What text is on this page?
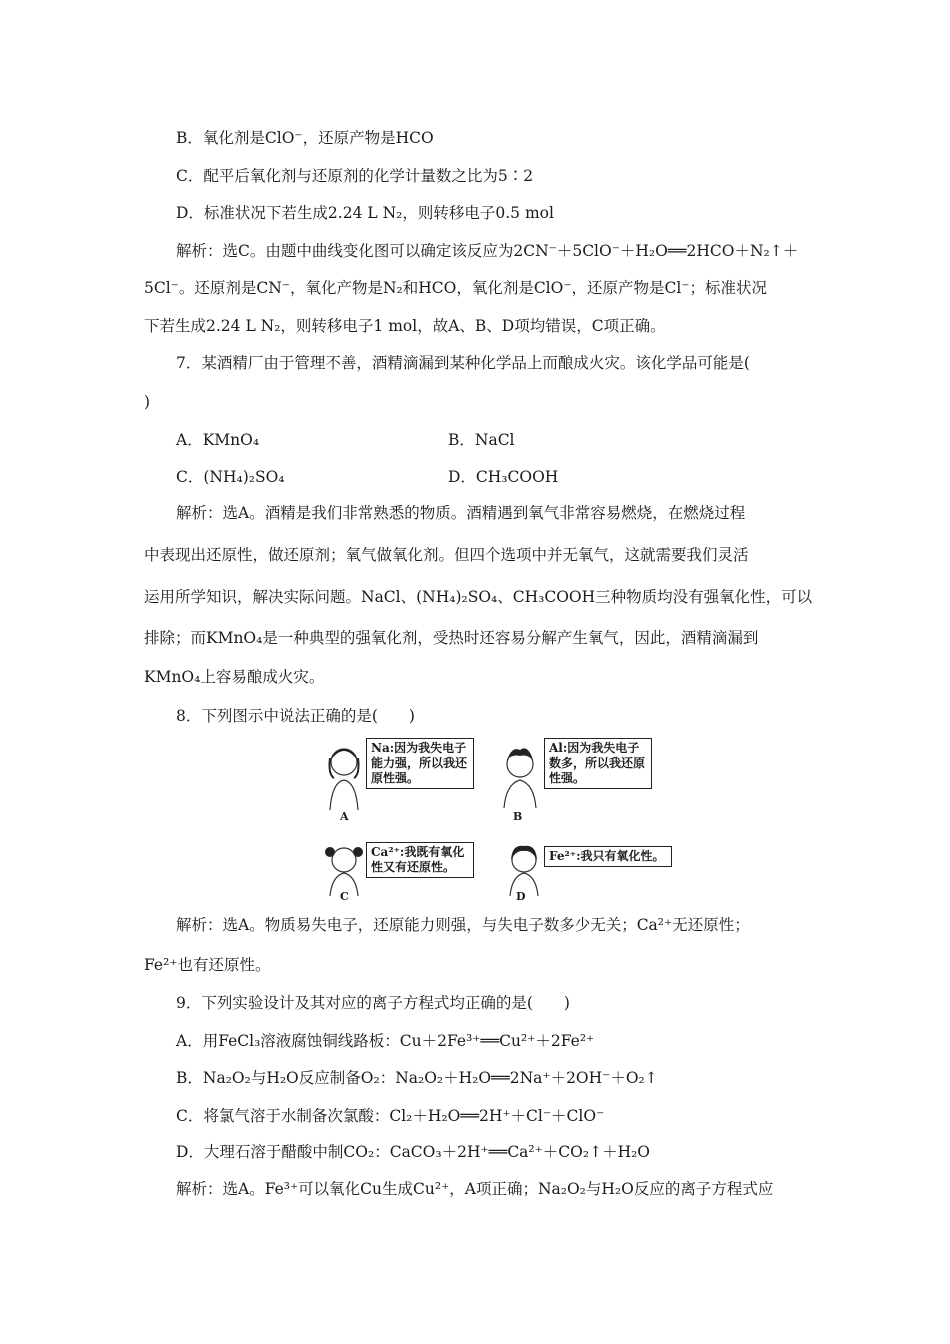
B．氧化剂是ClO⁻，还原产物是HCO
C．配平后氧化剂与还原剂的化学计量数之比为5∶2
D．标准状况下若生成2.24 L N₂，则转移电子0.5 mol
解析：选C。由题中曲线变化图可以确定该反应为2CN⁻＋5ClO⁻＋H₂O══2HCO＋N₂↑＋
5Cl⁻。还原剂是CN⁻，氧化产物是N₂和HCO，氧化剂是ClO⁻，还原产物是Cl⁻；标准状况
下若生成2.24 L N₂，则转移电子1 mol，故A、B、D项均错误，C项正确。
7．某酒精厂由于管理不善，酒精滴漏到某种化学品上而酿成火灾。该化学品可能是(
)
A．KMnO₄	B．NaCl
C．(NH₄)₂SO₄	D．CH₃COOH
解析：选A。酒精是我们非常熟悉的物质。酒精遇到氧气非常容易燃烧，在燃烧过程
中表现出还原性，做还原剂；氧气做氧化剂。但四个选项中并无氧气，这就需要我们灵活
运用所学知识，解决实际问题。NaCl、(NH₄)₂SO₄、CH₃COOH三种物质均没有强氧化性，可以
排除；而KMnO₄是一种典型的强氧化剂，受热时还容易分解产生氧气，因此，酒精滴漏到
KMnO₄上容易酿成火灾。
8．下列图示中说法正确的是(　　)
Na:因为我失电子能力强，所以我还原性强。
A
Al:因为我失电子数多，所以我还原性强。
B
Ca²⁺:我既有氧化性又有还原性。
C
Fe²⁺:我只有氧化性。
D
解析：选A。物质易失电子，还原能力则强，与失电子数多少无关；Ca²⁺无还原性；
Fe²⁺也有还原性。
9．下列实验设计及其对应的离子方程式均正确的是(　　)
A．用FeCl₃溶液腐蚀铜线路板：Cu＋2Fe³⁺══Cu²⁺＋2Fe²⁺
B．Na₂O₂与H₂O反应制备O₂：Na₂O₂＋H₂O══2Na⁺＋2OH⁻＋O₂↑
C．将氯气溶于水制备次氯酸：Cl₂＋H₂O══2H⁺＋Cl⁻＋ClO⁻
D．大理石溶于醋酸中制CO₂：CaCO₃＋2H⁺══Ca²⁺＋CO₂↑＋H₂O
解析：选A。Fe³⁺可以氧化Cu生成Cu²⁺，A项正确；Na₂O₂与H₂O反应的离子方程式应
